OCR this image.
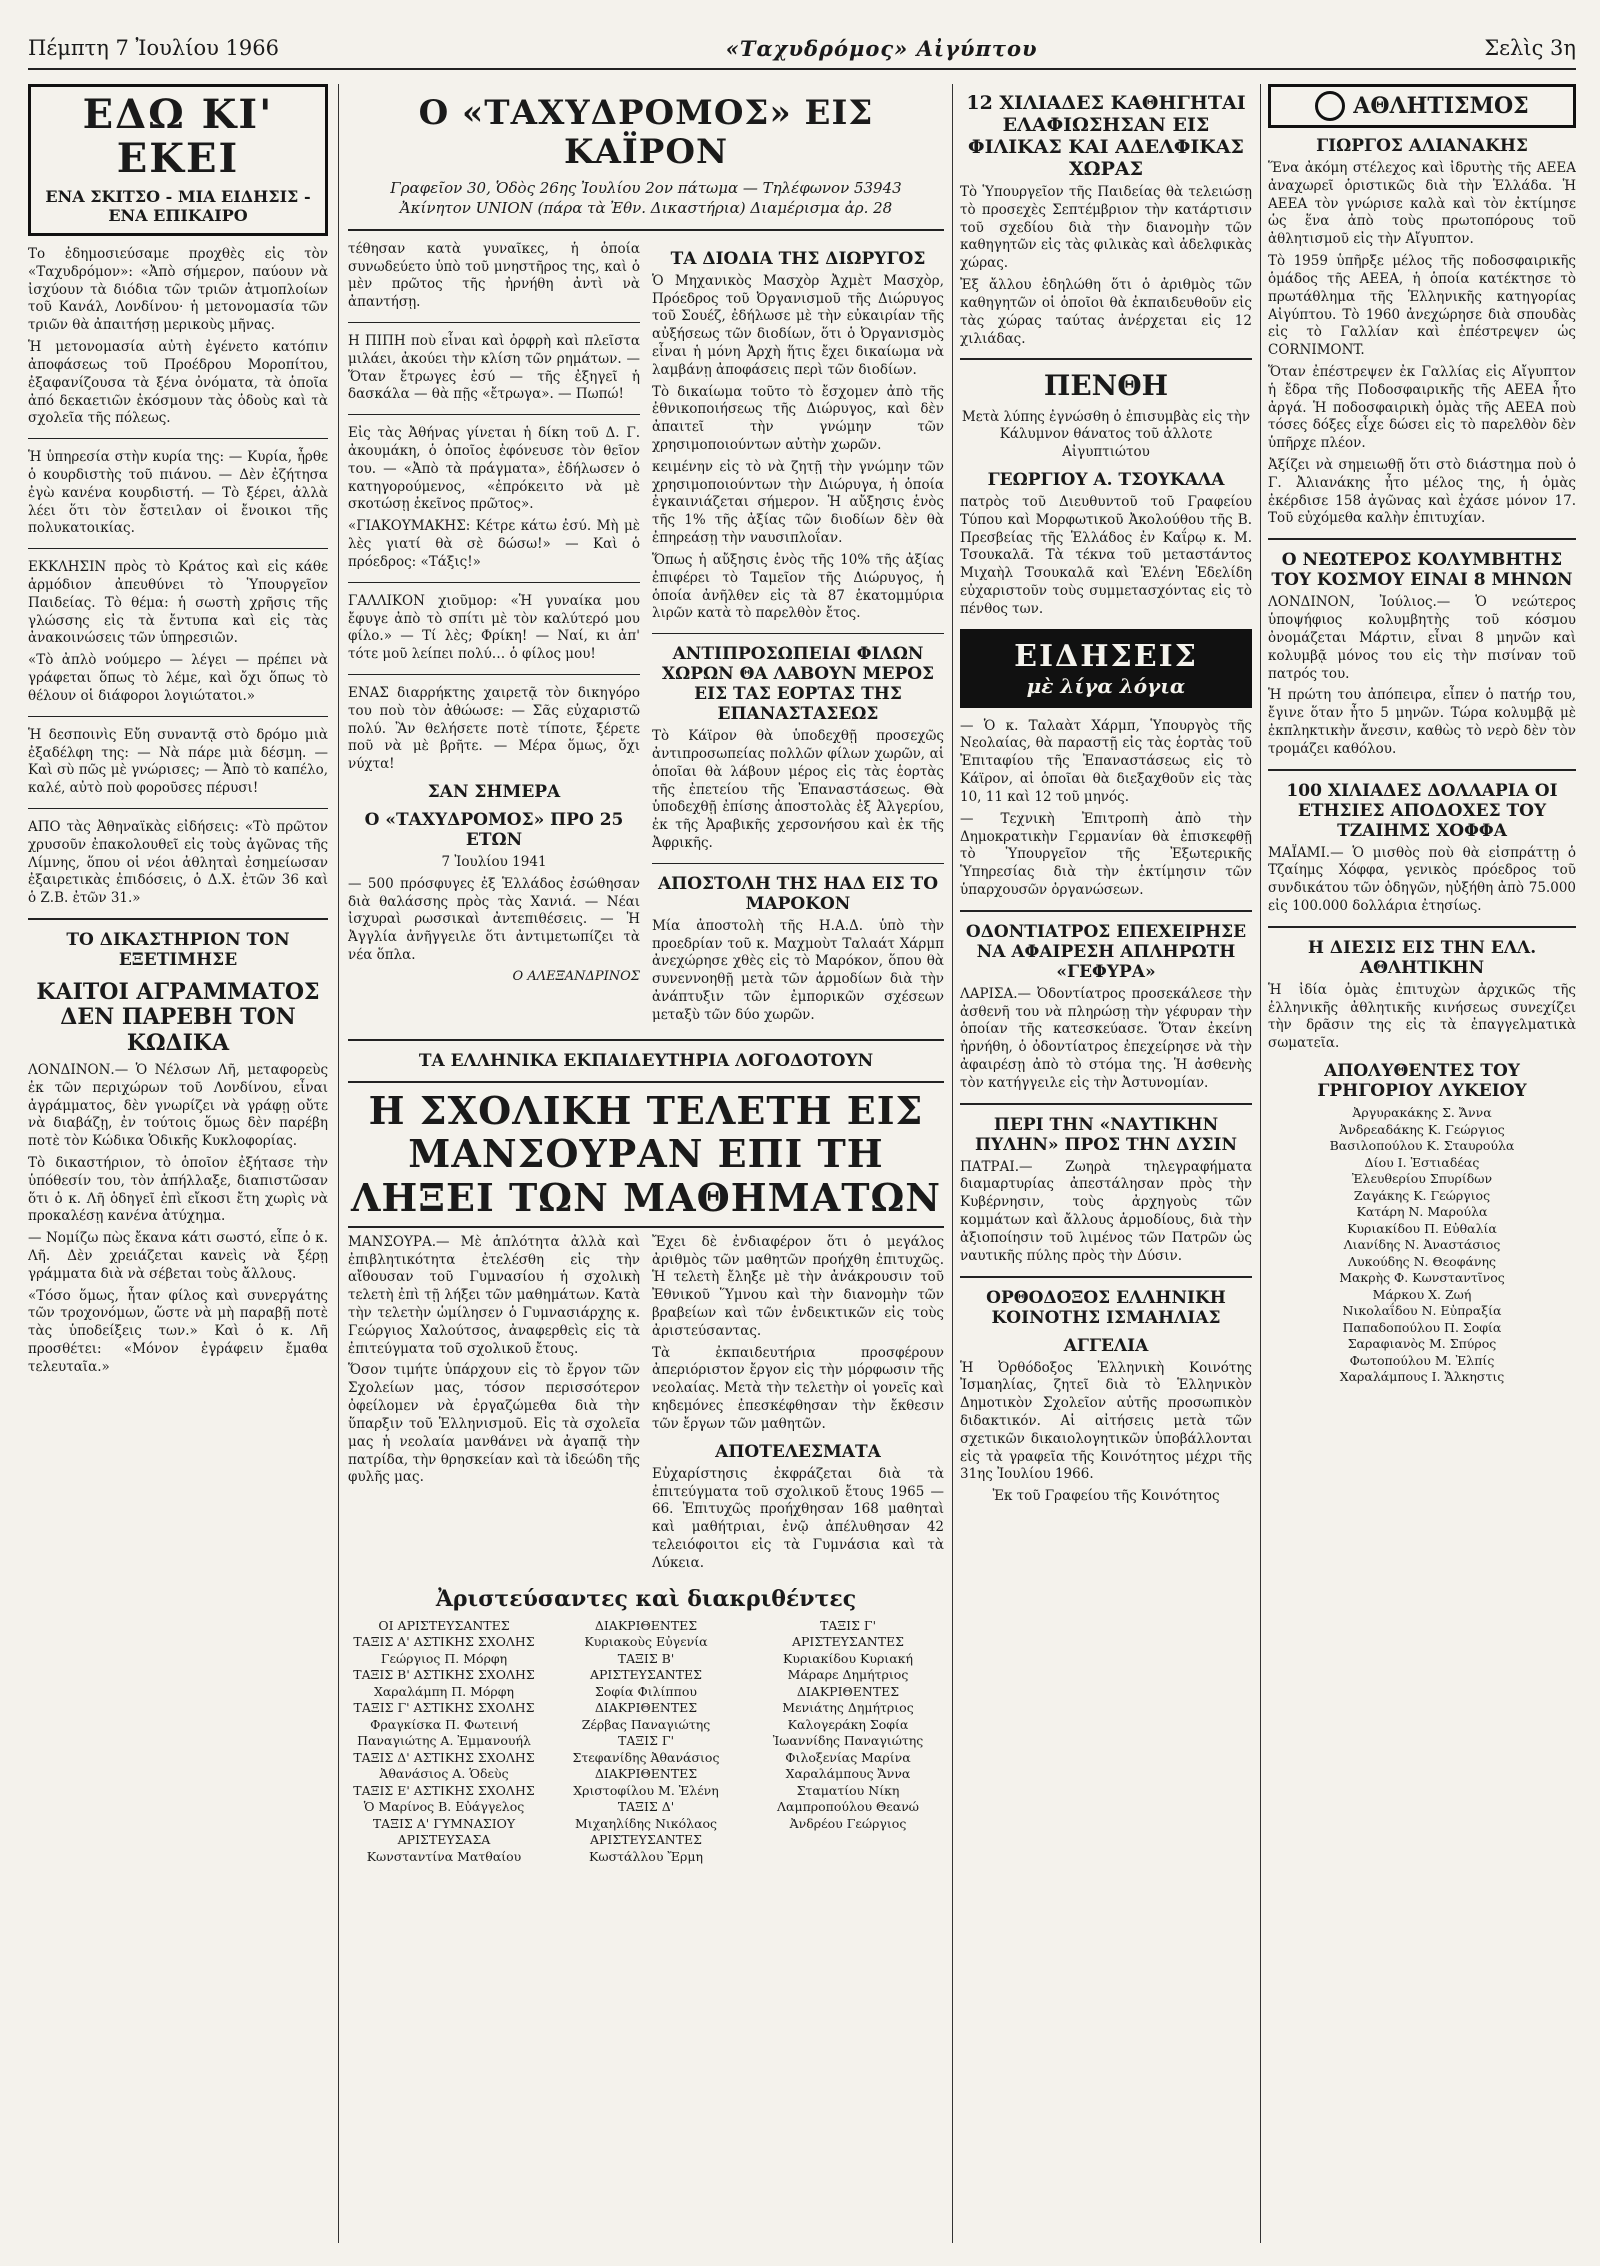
Πέμπτη 7 Ἰουλίου 1966	«Ταχυδρόμος» Αἰγύπτου	Σελὶς 3η
ΕΔΩ ΚΙ' ΕΚΕΙ
ΕΝΑ ΣΚΙΤΣΟ - ΜΙΑ ΕΙΔΗΣΙΣ - ΕΝΑ ΕΠΙΚΑΙΡΟ

Το ἐδημοσιεύσαμε προχθὲς εἰς τὸν «Ταχυδρόμον»: «Ἀπὸ σήμερον, παύουν νὰ ἰσχύουν τὰ διόδια τῶν τριῶν ἀτμοπλοίων τοῦ Κανάλ, Λονδίνου· ἡ μετονομασία τῶν τριῶν θὰ ἀπαιτήσῃ μερικοὺς μῆνας.

Ἡ μετονομασία αὐτὴ ἐγένετο κατόπιν ἀποφάσεως τοῦ Προέδρου Μοροπίτου, ἐξαφανίζουσα τὰ ξένα ὀνόματα, τὰ ὁποῖα ἀπό δεκαετιῶν ἐκόσμουν τὰς ὁδοὺς καὶ τὰ σχολεῖα τῆς πόλεως.

Ἡ ὑπηρεσία στὴν κυρία της: — Κυρία, ἦρθε ὁ κουρδιστὴς τοῦ πιάνου. — Δὲν ἐζήτησα ἐγὼ κανένα κουρδιστή. — Τὸ ξέρει, ἀλλὰ λέει ὅτι τὸν ἔστειλαν οἱ ἔνοικοι τῆς πολυκατοικίας.

ΕΚΚΛΗΣΙΝ πρὸς τὸ Κράτος καὶ εἰς κάθε ἁρμόδιον ἀπευθύνει τὸ Ὑπουργεῖον Παιδείας. Τὸ θέμα: ἡ σωστὴ χρῆσις τῆς γλώσσης εἰς τὰ ἔντυπα καὶ εἰς τὰς ἀνακοινώσεις τῶν ὑπηρεσιῶν.

«Τὸ ἀπλὸ νούμερο — λέγει — πρέπει νὰ γράφεται ὅπως τὸ λέμε, καὶ ὄχι ὅπως τὸ θέλουν οἱ διάφοροι λογιώτατοι.»

Ἡ δεσποινὶς Εὔη συναντᾷ στὸ δρόμο μιὰ ἐξαδέλφη της: — Νὰ πάρε μιὰ δέσμη. — Καὶ σὺ πῶς μὲ γνώρισες; — Ἀπὸ τὸ καπέλο, καλέ, αὐτὸ ποὺ φοροῦσες πέρυσι!

ΑΠΟ τὰς Ἀθηναϊκὰς εἰδήσεις: «Τὸ πρῶτον χρυσοῦν ἐπακολουθεῖ εἰς τοὺς ἀγῶνας τῆς Λίμνης, ὅπου οἱ νέοι ἀθληταὶ ἐσημείωσαν ἐξαιρετικὰς ἐπιδόσεις, ὁ Δ.Χ. ἐτῶν 36 καὶ ὁ Ζ.Β. ἐτῶν 31.»

ΤΟ ΔΙΚΑΣΤΗΡΙΟΝ ΤΟΝ ΕΞΕΤΙΜΗΣΕ
ΚΑΙΤΟΙ ΑΓΡΑΜΜΑΤΟΣ ΔΕΝ ΠΑΡΕΒΗ ΤΟΝ ΚΩΔΙΚΑ

ΛΟΝΔΙΝΟΝ.— Ὁ Νέλσων Λῆ, μεταφορεὺς ἐκ τῶν περιχώρων τοῦ Λονδίνου, εἶναι ἀγράμματος, δὲν γνωρίζει νὰ γράφῃ οὔτε νὰ διαβάζῃ, ἐν τούτοις ὅμως δὲν παρέβη ποτὲ τὸν Κώδικα Ὁδικῆς Κυκλοφορίας.

Τὸ δικαστήριον, τὸ ὁποῖον ἐξήτασε τὴν ὑπόθεσίν του, τὸν ἀπήλλαξε, διαπιστῶσαν ὅτι ὁ κ. Λῆ ὁδηγεῖ ἐπὶ εἴκοσι ἔτη χωρὶς νὰ προκαλέσῃ κανένα ἀτύχημα.

— Νομίζω πὼς ἔκανα κάτι σωστό, εἶπε ὁ κ. Λῆ. Δὲν χρειάζεται κανεὶς νὰ ξέρῃ γράμματα διὰ νὰ σέβεται τοὺς ἄλλους.

«Τόσο ὅμως, ἦταν φίλος καὶ συνεργάτης τῶν τροχονόμων, ὥστε νὰ μὴ παραβῇ ποτὲ τὰς ὑποδείξεις των.» Καὶ ὁ κ. Λῆ προσθέτει: «Μόνον ἐγράφειν ἔμαθα τελευταῖα.»

Ο «ΤΑΧΥΔΡΟΜΟΣ» ΕΙΣ ΚΑΪΡΟΝ
Γραφεῖον 30, Ὁδὸς 26ης Ἰουλίου 2ον πάτωμα — Τηλέφωνον 53943
Ἀκίνητον UNION (πάρα τὰ Ἐθν. Δικαστήρια) Διαμέρισμα ἀρ. 28

τέθησαν κατὰ γυναῖκες, ἡ ὁποία συνωδεύετο ὑπὸ τοῦ μνηστῆρος της, καὶ ὁ μὲν πρῶτος τῆς ἠρνήθη ἀντὶ νὰ ἀπαντήσῃ.

Η ΠΙΠΗ ποὺ εἶναι καὶ ὀρφρὴ καὶ πλεῖστα μιλάει, ἀκούει τὴν κλίση τῶν ρημάτων. — Ὅταν ἔτρωγες ἐσύ — τῆς ἐξηγεῖ ἡ δασκάλα — θὰ πῇς «ἔτρωγα». — Πωπώ!

Εἰς τὰς Ἀθήνας γίνεται ἡ δίκη τοῦ Δ. Γ. ἀκουμάκη, ὁ ὁποῖος ἐφόνευσε τὸν θεῖον του. — «Ἀπὸ τὰ πράγματα», ἐδήλωσεν ὁ κατηγορούμενος, «ἐπρόκειτο νὰ μὲ σκοτώσῃ ἐκεῖνος πρῶτος».

«ΓΙΑΚΟΥΜΑΚΗΣ: Κέτρε κάτω ἐσύ. Μὴ μὲ λὲς γιατί θὰ σὲ δώσω!» — Καὶ ὁ πρόεδρος: «Τάξις!»

ΓΑΛΛΙΚΟΝ χιοῦμορ: «Ἡ γυναίκα μου ἔφυγε ἀπὸ τὸ σπίτι μὲ τὸν καλύτερό μου φίλο.» — Τί λὲς; Φρίκη! — Ναί, κι ἀπ' τότε μοῦ λείπει πολύ… ὁ φίλος μου!

ΕΝΑΣ διαρρήκτης χαιρετᾷ τὸν δικηγόρο του ποὺ τὸν ἀθώωσε: — Σᾶς εὐχαριστῶ πολύ. Ἂν θελήσετε ποτὲ τίποτε, ξέρετε ποῦ νὰ μὲ βρῆτε. — Μέρα ὅμως, ὄχι νύχτα!

ΣΑΝ ΣΗΜΕΡΑ
Ο «ΤΑΧΥΔΡΟΜΟΣ» ΠΡΟ 25 ΕΤΩΝ

7 Ἰουλίου 1941

— 500 πρόσφυγες ἐξ Ἑλλάδος ἐσώθησαν διὰ θαλάσσης πρὸς τὰς Χανιά. — Νέαι ἰσχυραὶ ρωσσικαὶ ἀντεπιθέσεις. — Ἡ Ἀγγλία ἀνῆγγειλε ὅτι ἀντιμετωπίζει τὰ νέα ὅπλα.

Ο ΑΛΕΞΑΝΔΡΙΝΟΣ
ΤΑ ΔΙΟΔΙΑ ΤΗΣ ΔΙΩΡΥΓΟΣ

Ὁ Μηχανικὸς Μασχὸρ Ἀχμὲτ Μασχὸρ, Πρόεδρος τοῦ Ὀργανισμοῦ τῆς Διώρυγος τοῦ Σουέζ, ἐδήλωσε μὲ τὴν εὐκαιρίαν τῆς αὐξήσεως τῶν διοδίων, ὅτι ὁ Ὀργανισμὸς εἶναι ἡ μόνη Ἀρχὴ ἥτις ἔχει δικαίωμα νὰ λαμβάνῃ ἀποφάσεις περὶ τῶν διοδίων.

Τὸ δικαίωμα τοῦτο τὸ ἔσχομεν ἀπὸ τῆς ἐθνικοποιήσεως τῆς Διώρυγος, καὶ δὲν ἀπαιτεῖ τὴν γνώμην τῶν χρησιμοποιούντων αὐτὴν χωρῶν.

κειμένην εἰς τὸ νὰ ζητῇ τὴν γνώμην τῶν χρησιμοποιούντων τὴν Διώρυγα, ἡ ὁποία ἐγκαινιάζεται σήμερον. Ἡ αὔξησις ἑνὸς τῆς 1% τῆς ἀξίας τῶν διοδίων δὲν θὰ ἐπηρεάσῃ τὴν ναυσιπλοΐαν.

Ὅπως ἡ αὔξησις ἑνὸς τῆς 10% τῆς ἀξίας ἐπιφέρει τὸ Ταμεῖον τῆς Διώρυγος, ἡ ὁποία ἀνῆλθεν εἰς τὰ 87 ἑκατομμύρια λιρῶν κατὰ τὸ παρελθὸν ἔτος.

ΑΝΤΙΠΡΟΣΩΠΕΙΑΙ ΦΙΛΩΝ ΧΩΡΩΝ ΘΑ ΛΑΒΟΥΝ ΜΕΡΟΣ ΕΙΣ ΤΑΣ ΕΟΡΤΑΣ ΤΗΣ ΕΠΑΝΑΣΤΑΣΕΩΣ

Τὸ Κάϊρον θὰ ὑποδεχθῇ προσεχῶς ἀντιπροσωπείας πολλῶν φίλων χωρῶν, αἱ ὁποῖαι θὰ λάβουν μέρος εἰς τὰς ἑορτὰς τῆς ἐπετείου τῆς Ἐπαναστάσεως. Θὰ ὑποδεχθῇ ἐπίσης ἀποστολὰς ἐξ Ἀλγερίου, ἐκ τῆς Ἀραβικῆς χερσονήσου καὶ ἐκ τῆς Ἀφρικῆς.

ΑΠΟΣΤΟΛΗ ΤΗΣ ΗΑΔ ΕΙΣ ΤΟ ΜΑΡΟΚΟΝ

Μία ἀποστολὴ τῆς Η.Α.Δ. ὑπὸ τὴν προεδρίαν τοῦ κ. Μαχμοὺτ Ταλαάτ Χάρμπ ἀνεχώρησε χθὲς εἰς τὸ Μαρόκον, ὅπου θὰ συνεννοηθῇ μετὰ τῶν ἁρμοδίων διὰ τὴν ἀνάπτυξιν τῶν ἐμπορικῶν σχέσεων μεταξὺ τῶν δύο χωρῶν.

ΤΑ ΕΛΛΗΝΙΚΑ ΕΚΠΑΙΔΕΥΤΗΡΙΑ ΛΟΓΟΔΟΤΟΥΝ
Η ΣΧΟΛΙΚΗ ΤΕΛΕΤΗ ΕΙΣ ΜΑΝΣΟΥΡΑΝ ΕΠΙ ΤΗ ΛΗΞΕΙ ΤΩΝ ΜΑΘΗΜΑΤΩΝ

ΜΑΝΣΟΥΡΑ.— Μὲ ἁπλότητα ἀλλὰ καὶ ἐπιβλητικότητα ἐτελέσθη εἰς τὴν αἴθουσαν τοῦ Γυμνασίου ἡ σχολικὴ τελετὴ ἐπὶ τῇ λήξει τῶν μαθημάτων. Κατὰ τὴν τελετὴν ὡμίλησεν ὁ Γυμνασιάρχης κ. Γεώργιος Χαλούτσος, ἀναφερθεὶς εἰς τὰ ἐπιτεύγματα τοῦ σχολικοῦ ἔτους.

Ὅσον τιμήτε ὑπάρχουν εἰς τὸ ἔργον τῶν Σχολείων μας, τόσον περισσότερον ὀφείλομεν νὰ ἐργαζώμεθα διὰ τὴν ὕπαρξιν τοῦ Ἑλληνισμοῦ. Εἰς τὰ σχολεῖα μας ἡ νεολαία μανθάνει νὰ ἀγαπᾷ τὴν πατρίδα, τὴν θρησκείαν καὶ τὰ ἰδεώδη τῆς φυλῆς μας.

Ἔχει δὲ ἐνδιαφέρον ὅτι ὁ μεγάλος ἀριθμὸς τῶν μαθητῶν προήχθη ἐπιτυχῶς. Ἡ τελετὴ ἔληξε μὲ τὴν ἀνάκρουσιν τοῦ Ἐθνικοῦ Ὕμνου καὶ τὴν διανομὴν τῶν βραβείων καὶ τῶν ἐνδεικτικῶν εἰς τοὺς ἀριστεύσαντας.

Τὰ ἐκπαιδευτήρια προσφέρουν ἀπεριόριστον ἔργον εἰς τὴν μόρφωσιν τῆς νεολαίας. Μετὰ τὴν τελετὴν οἱ γονεῖς καὶ κηδεμόνες ἐπεσκέφθησαν τὴν ἔκθεσιν τῶν ἔργων τῶν μαθητῶν.

ΑΠΟΤΕΛΕΣΜΑΤΑ

Εὐχαρίστησις ἐκφράζεται διὰ τὰ ἐπιτεύγματα τοῦ σχολικοῦ ἔτους 1965 — 66. Ἐπιτυχῶς προήχθησαν 168 μαθηταὶ καὶ μαθήτριαι, ἐνῷ ἀπέλυθησαν 42 τελειόφοιτοι εἰς τὰ Γυμνάσια καὶ τὰ Λύκεια.

Ἀριστεύσαντες καὶ διακριθέντες

ΟΙ ΑΡΙΣΤΕΥΣΑΝΤΕΣ

ΤΑΞΙΣ Α' ΑΣΤΙΚΗΣ ΣΧΟΛΗΣ

Γεώργιος Π. Μόρφη

ΤΑΞΙΣ Β' ΑΣΤΙΚΗΣ ΣΧΟΛΗΣ

Χαραλάμπη Π. Μόρφη

ΤΑΞΙΣ Γ' ΑΣΤΙΚΗΣ ΣΧΟΛΗΣ

Φραγκίσκα Π. Φωτεινή

Παναγιώτης Α. Ἐμμανουήλ

ΤΑΞΙΣ Δ' ΑΣΤΙΚΗΣ ΣΧΟΛΗΣ

Ἀθανάσιος Α. Ὁδεὺς

ΤΑΞΙΣ Ε' ΑΣΤΙΚΗΣ ΣΧΟΛΗΣ

Ὁ Μαρίνος Β. Εὐάγγελος

ΤΑΞΙΣ Α' ΓΥΜΝΑΣΙΟΥ

ΑΡΙΣΤΕΥΣΑΣΑ

Κωνσταντίνα Ματθαίου

ΔΙΑΚΡΙΘΕΝΤΕΣ

Κυριακοὺς Εὐγενία

ΤΑΞΙΣ Β'

ΑΡΙΣΤΕΥΣΑΝΤΕΣ

Σοφία Φιλίππου

ΔΙΑΚΡΙΘΕΝΤΕΣ

Ζέρβας Παναγιώτης

ΤΑΞΙΣ Γ'

Στεφανίδης Ἀθανάσιος

ΔΙΑΚΡΙΘΕΝΤΕΣ

Χριστοφίλου Μ. Ἑλένη

ΤΑΞΙΣ Δ'

Μιχαηλίδης Νικόλαος

ΑΡΙΣΤΕΥΣΑΝΤΕΣ

Κωστάλλου Ἔρμη

ΤΑΞΙΣ Γ'

ΑΡΙΣΤΕΥΣΑΝΤΕΣ

Κυριακίδου Κυριακή

Μάραρε Δημήτριος

ΔΙΑΚΡΙΘΕΝΤΕΣ

Μενιάτης Δημήτριος

Καλογεράκη Σοφία

Ἰωαννίδης Παναγιώτης

Φιλοξενίας Μαρίνα

Χαραλάμπους Ἄννα

Σταματίου Νίκη

Λαμπροπούλου Θεανώ

Ἀνδρέου Γεώργιος

12 ΧΙΛΙΑΔΕΣ ΚΑΘΗΓΗΤΑΙ ΕΛΑΦΙΩΣΗΣΑΝ ΕΙΣ ΦΙΛΙΚΑΣ ΚΑΙ ΑΔΕΛΦΙΚΑΣ ΧΩΡΑΣ

Τὸ Ὑπουργεῖον τῆς Παιδείας θὰ τελειώσῃ τὸ προσεχὲς Σεπτέμβριον τὴν κατάρτισιν τοῦ σχεδίου διὰ τὴν διανομὴν τῶν καθηγητῶν εἰς τὰς φιλικὰς καὶ ἀδελφικὰς χώρας.

Ἐξ ἄλλου ἐδηλώθη ὅτι ὁ ἀριθμὸς τῶν καθηγητῶν οἱ ὁποῖοι θὰ ἐκπαιδευθοῦν εἰς τὰς χώρας ταύτας ἀνέρχεται εἰς 12 χιλιάδας.

ΠΕΝΘΗ

Μετὰ λύπης ἐγνώσθη ὁ ἐπισυμβὰς εἰς τὴν Κάλυμνον θάνατος τοῦ ἀλλοτε Αἰγυπτιώτου

ΓΕΩΡΓΙΟΥ Α. ΤΣΟΥΚΑΛΑ

πατρὸς τοῦ Διευθυντοῦ τοῦ Γραφείου Τύπου καὶ Μορφωτικοῦ Ἀκολούθου τῆς Β. Πρεσβείας τῆς Ἑλλάδος ἐν Καΐρῳ κ. Μ. Τσουκαλᾶ. Τὰ τέκνα τοῦ μεταστάντος Μιχαὴλ Τσουκαλᾶ καὶ Ἑλένη Ἑδελίδη εὐχαριστοῦν τοὺς συμμετασχόντας εἰς τὸ πένθος των.

ΕΙΔΗΣΕΙΣ
μὲ λίγα λόγια

— Ὁ κ. Ταλαὰτ Χάρμπ, Ὑπουργὸς τῆς Νεολαίας, θὰ παραστῇ εἰς τὰς ἑορτὰς τοῦ Ἐπιταφίου τῆς Ἐπαναστάσεως εἰς τὸ Κάϊρον, αἱ ὁποῖαι θὰ διεξαχθοῦν εἰς τὰς 10, 11 καὶ 12 τοῦ μηνός.

— Τεχνικὴ Ἐπιτροπὴ ἀπὸ τὴν Δημοκρατικὴν Γερμανίαν θὰ ἐπισκεφθῇ τὸ Ὑπουργεῖον τῆς Ἐξωτερικῆς Ὑπηρεσίας διὰ τὴν ἐκτίμησιν τῶν ὑπαρχουσῶν ὀργανώσεων.

ΟΔΟΝΤΙΑΤΡΟΣ ΕΠΕΧΕΙΡΗΣΕ ΝΑ ΑΦΑΙΡΕΣΗ ΑΠΛΗΡΩΤΗ «ΓΕΦΥΡΑ»

ΛΑΡΙΣΑ.— Ὀδοντίατρος προσεκάλεσε τὴν ἀσθενῆ του νὰ πληρώσῃ τὴν γέφυραν τὴν ὁποίαν τῆς κατεσκεύασε. Ὅταν ἐκείνη ἠρνήθη, ὁ ὀδοντίατρος ἐπεχείρησε νὰ τὴν ἀφαιρέσῃ ἀπὸ τὸ στόμα της. Ἡ ἀσθενὴς τὸν κατήγγειλε εἰς τὴν Ἀστυνομίαν.

ΠΕΡΙ ΤΗΝ «ΝΑΥΤΙΚΗΝ ΠΥΛΗΝ» ΠΡΟΣ ΤΗΝ ΔΥΣΙΝ

ΠΑΤΡΑΙ.— Ζωηρὰ τηλεγραφήματα διαμαρτυρίας ἀπεστάλησαν πρὸς τὴν Κυβέρνησιν, τοὺς ἀρχηγοὺς τῶν κομμάτων καὶ ἄλλους ἁρμοδίους, διὰ τὴν ἀξιοποίησιν τοῦ λιμένος τῶν Πατρῶν ὡς ναυτικῆς πύλης πρὸς τὴν Δύσιν.

ΟΡΘΟΔΟΞΟΣ ΕΛΛΗΝΙΚΗ ΚΟΙΝΟΤΗΣ ΙΣΜΑΗΛΙΑΣ
ΑΓΓΕΛΙΑ

Ἡ Ὀρθόδοξος Ἑλληνικὴ Κοινότης Ἰσμαηλίας, ζητεῖ διὰ τὸ Ἑλληνικὸν Δημοτικὸν Σχολεῖον αὐτῆς προσωπικὸν διδακτικόν. Αἱ αἰτήσεις μετὰ τῶν σχετικῶν δικαιολογητικῶν ὑποβάλλονται εἰς τὰ γραφεῖα τῆς Κοινότητος μέχρι τῆς 31ης Ἰουλίου 1966.

Ἐκ τοῦ Γραφείου τῆς Κοινότητος

ΑΘΛΗΤΙΣΜΟΣ
ΓΙΩΡΓΟΣ ΑΛΙΑΝΑΚΗΣ

Ἕνα ἀκόμη στέλεχος καὶ ἰδρυτὴς τῆς ΑΕΕΑ ἀναχωρεῖ ὁριστικῶς διὰ τὴν Ἑλλάδα. Ἡ ΑΕΕΑ τὸν γνώρισε καλὰ καὶ τὸν ἐκτίμησε ὡς ἕνα ἀπὸ τοὺς πρωτοπόρους τοῦ ἀθλητισμοῦ εἰς τὴν Αἴγυπτον.

Τὸ 1959 ὑπῆρξε μέλος τῆς ποδοσφαιρικῆς ὁμάδος τῆς ΑΕΕΑ, ἡ ὁποία κατέκτησε τὸ πρωτάθλημα τῆς Ἑλληνικῆς κατηγορίας Αἰγύπτου. Τὸ 1960 ἀνεχώρησε διὰ σπουδὰς εἰς τὸ Γαλλίαν καὶ ἐπέστρεψεν ὡς CORNIMONT.

Ὅταν ἐπέστρεψεν ἐκ Γαλλίας εἰς Αἴγυπτον ἡ ἔδρα τῆς Ποδοσφαιρικῆς τῆς ΑΕΕΑ ἦτο ἀργά. Ἡ ποδοσφαιρικὴ ὁμὰς τῆς ΑΕΕΑ ποὺ τόσες δόξες εἶχε δώσει εἰς τὸ παρελθὸν δὲν ὑπῆρχε πλέον.

Ἀξίζει νὰ σημειωθῇ ὅτι στὸ διάστημα ποὺ ὁ Γ. Ἀλιανάκης ἦτο μέλος της, ἡ ὁμὰς ἐκέρδισε 158 ἀγῶνας καὶ ἐχάσε μόνον 17. Τοῦ εὐχόμεθα καλὴν ἐπιτυχίαν.

Ο ΝΕΩΤΕΡΟΣ ΚΟΛΥΜΒΗΤΗΣ ΤΟΥ ΚΟΣΜΟΥ ΕΙΝΑΙ 8 ΜΗΝΩΝ

ΛΟΝΔΙΝΟΝ, Ἰούλιος.— Ὁ νεώτερος ὑποψήφιος κολυμβητὴς τοῦ κόσμου ὀνομάζεται Μάρτιν, εἶναι 8 μηνῶν καὶ κολυμβᾷ μόνος του εἰς τὴν πισίναν τοῦ πατρός του.

Ἡ πρώτη του ἀπόπειρα, εἶπεν ὁ πατήρ του, ἔγινε ὅταν ἦτο 5 μηνῶν. Τώρα κολυμβᾷ μὲ ἐκπληκτικὴν ἄνεσιν, καθὼς τὸ νερὸ δὲν τὸν τρομάζει καθόλου.

100 ΧΙΛΙΑΔΕΣ ΔΟΛΛΑΡΙΑ ΟΙ ΕΤΗΣΙΕΣ ΑΠΟΔΟΧΕΣ ΤΟΥ ΤΖΑΙΗΜΣ ΧΟΦΦΑ

ΜΑΪΑΜΙ.— Ὁ μισθὸς ποὺ θὰ εἰσπράττῃ ὁ Τζαίημς Χόφφα, γενικὸς πρόεδρος τοῦ συνδικάτου τῶν ὁδηγῶν, ηὐξήθη ἀπὸ 75.000 εἰς 100.000 δολλάρια ἐτησίως.

Η ΔΙΕΣΙΣ ΕΙΣ ΤΗΝ ΕΛΛ. ΑΘΛΗΤΙΚΗΝ

Ἡ ἰδία ὁμὰς ἐπιτυχὼν ἀρχικῶς τῆς ἐλληνικῆς ἀθλητικῆς κινήσεως συνεχίζει τὴν δρᾶσιν της εἰς τὰ ἐπαγγελματικὰ σωματεῖα.

ΑΠΟΛΥΘΕΝΤΕΣ ΤΟΥ ΓΡΗΓΟΡΙΟΥ ΛΥΚΕΙΟΥ

Ἀργυρακάκης Σ. Ἄννα

Ἀνδρεαδάκης Κ. Γεώργιος

Βασιλοπούλου Κ. Σταυρούλα

Δίου Ι. Ἑστιαδέας

Ἐλευθερίου Σπυρίδων

Ζαγάκης Κ. Γεώργιος

Κατάρη Ν. Μαρούλα

Κυριακίδου Π. Εὐθαλία

Λιανίδης Ν. Ἀναστάσιος

Λυκούδης Ν. Θεοφάνης

Μακρὴς Φ. Κωνσταντῖνος

Μάρκου Χ. Ζωή

Νικολαΐδου Ν. Εὐπραξία

Παπαδοπούλου Π. Σοφία

Σαραφιανὸς Μ. Σπύρος

Φωτοπούλου Μ. Ἐλπίς

Χαραλάμπους Ι. Ἄλκηστις
